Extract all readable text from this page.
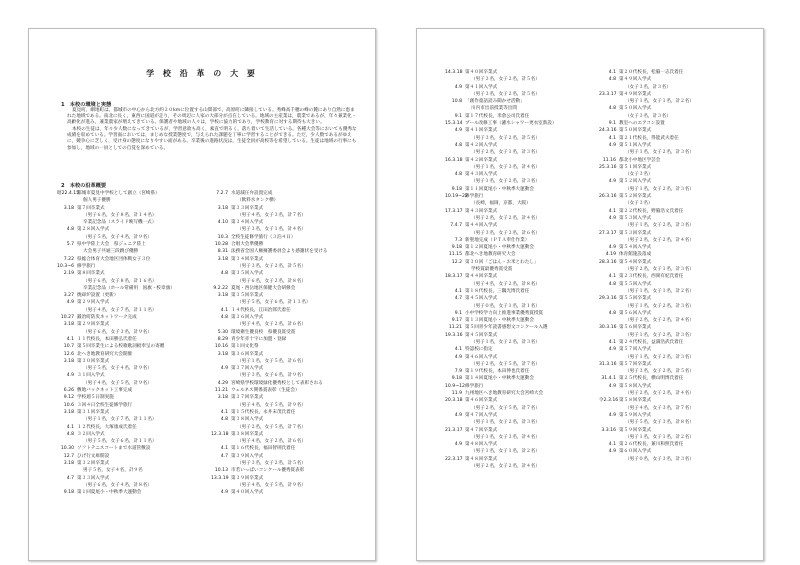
学 校 沿 革 の 大 要
1　本校の環境と実態

夏見町，網地町は，都城市の中心から北方約２０kmに位置する山間部で，高原町に隣接している。秀峰高千穂の峰の麓にあり自然に恵まれた地域である。南北に長く，東西に国道が走り，その周辺に人家の大部分が点在している。地域の主産業は，農業であるが，年々兼業化・高齢化が進み，兼業農家が増えてきている。保護者や地域の人々は，学校に協力的であり，学校教育に対する期待も大きい。

本校の生徒は，年々少人数になってきているが，学習意欲も高く，素直で明るく，落ち着いて生活している。各種大会等においても優秀な成績を収めている。学習面においては，まじめな授業態度で，与えられた課題を丁寧に学習することができる。ただ，少人数であるがゆえに，競争心に乏しく，受け身の態度になりやすい面がある。卒業後の進路状況は，生徒全員が高校等を希望している。生徒は地域の行事にも参加し，地域の一員としての自覚を深めている。

2　本校の沿革概要
昭22.4.15
都城市夏見中学校として創立（宮崎県）
個人男子優勝
3.18 第７回卒業式
（男子６名，女子８名，計１４名）
卒業記念品（スライド映写機一式）
4.8 第２８回入学式
（男子５名，女子４名，計９名）
5.7 県中学陸上大会　県ジュニア陸上
大会男子共通三段跳び優勝
7.22 県総合体育大会地区団体戦女子３位
10.3~6 修学旅行
2.19 第８回卒業式
（男子６名，女子８名，計１６名）
卒業記念品（ホール常備用　国旗・校章旗）
3.27 焼却炉設置（更新）
4.9 第２９回入学式
（男子４名，女子７名，計１１名）
10.27 鍛冶町防災ネットワーク完成
3.18 第２９回卒業式
（男子６名，女子３名，計９名）
4.1 １１代校長，本田勝弘氏着任
10.7 第５回卒業生による校歌歌詞板奉呈の寄贈
12.6 北へき地教育研究大会開催
3.18 第３０回卒業式
（男子５名，女子４名，計９名）
4.9 ３１回入学式
（男子４名，女子５名，計９名）
6.26 敷地バックネット工事完成
9.12 学校週５日制実施
10.6 ３回４日全校生徒修学旅行
3.18 第３１回卒業式
（男子１名，女子７名，計１１名）
4.1 １２代校長，大塚康成氏着任
4.8 ３２回入学式
（男子５名，女子６名，計１１名）
10.30 ソフトテニスコートまで水道管敷設
12.7 ひげ行文庫開設
3.18 第３２回卒業式
男子５名，女子４名，計９名
4.7 第３３回入学式
（男子６名，女子４名，計８名）
9.18 第１回夏尾小・中秋季大運動会
7.2.7 水道減圧弁設置完成
（飲料水タンク横）
3.18 第３３回卒業式
（男子４名，女子３名，計７名）
4.10 第３４回入学式
（男子３名，女子１名，計４名）
10.3 全校生徒修学旅行（３泊４日）
10.28 合唱大会準優勝
8.31 法務省全国人権擁護委員会より感謝状を受ける
3.18 第３４回卒業式
（男子３名，女子２名，計５名）
4.8 第３５回入学式
（男子６名，女子２名，計８名）
9.2.22 夏尾・西岳地区保健大会研修会
3.18 第３５回卒業式
（男子５名，女子６名，計１１名）
4.1 １４代校長，江田治郎氏着任
4.8 第３６回入学式
（男子４名，女子２名，計６名）
5.30 環境衛生優良校　県優良賞受賞
8.29 青少年赤十字に加盟・登録
10.16 第１回文化祭
3.18 第３６回卒業式
（男子１名，女子５名，計６名）
4.9 第３７回入学式
（男子３名，女子６名，計９名）
4.29 宮崎県学校環境緑化優秀校として表彰される
11.21 ウェルネス関係賞表彰（生徒会）
3.18 第３７回卒業式
（男子４名，女子５名，計９名）
4.1 第１５代校長，永井末茂氏着任
4.8 第３８回入学式
（男子２名，女子５名，計７名）
12.3.18 第３８回卒業式
（男子４名，女子２名，計６名）
4.1 第１６代校長，福田智則氏着任
4.7 第３９回入学式
（男子３名，女子２名，計５名）
10.13 市若いっぱいコンクール優秀賞表彰
13.3.19 第３９回卒業式
（男子４名，女子５名，計９名）
4.9 第４０回入学式
14.3.18 第４０回卒業式
（男子３名，女子２名，計５名）
4.9 第４１回入学式
（男子３名，女子２名，計５名）
10.8 「創作童話読み聞かせ活動」
川内市出前授業等出問
9.1 第１７代校長，米倉公司氏着任
15.3.14 プール改修工事（濾水シャワー更衣室新設）
4.9 第４１回卒業式
（男子３名，女子２名，計５名）
4.8 第４２回入学式
（男子２名，女子１名，計３名）
16.3.18 第４２回卒業式
（男子１名，女子３名，計４名）
4.8 第４３回入学式
（男子１名，女子２名，計３名）
9.18 第１１回夏尾小・中秋季大運動会
10.19~22
修学旅行
（長崎，福岡，京都，大阪）
17.3.17 第４３回卒業式
（男子２名，女子２名，計４名）
7.4.7 第４４回入学式
（男子３名，女子３名，計６名）
7.3 新聖地完成（ＰＴＡ奉仕作業）
9.18 第１２回夏尾小・中秋季大運動会
11.15 都北へき地教育研究大会
12.2 第３０回「ごはん・お米とわたし」
学校賞最優秀賞受賞
18.3.17 第４４回卒業式
（男子４名，女子２名，計８名）
4.1 第１８代校長，三隅光博氏着任
4.7 第４５回入学式
（男子０名，女子１名，計１名）
9.1 小中学校学力向上推進事業優秀賞授賞
9.17 第１３回夏尾小・中秋季大運動会
11.21 第５回青少年読書感想文コンクール入選
19.3.16 第４５回卒業式
（男子１名，女子２名，計３名）
4.1 特認校に指定
4.9 第４６回入学式
（男子２名，女子５名，計７名）
7.9 第１９代校長，本田伸也氏着任
9.18 第１４回夏尾小・中秋季大運動会
10.9~12 修学旅行
11.9 九州地区へき地教育研究大会宮崎大会
20.3.18 第４６回卒業式
（男子２名，女子５名，計７名）
4.9 第４７回入学式
（男子１名，女子２名，計３名）
21.3.17 第４７回卒業式
（男子１名，女子３名，計４名）
4.9 第４８回入学式
（男子１名，女子１名，計２名）
22.3.17 第４８回卒業式
（男子２名，女子２名，計４名）
4.1 第２０代校長，松脇一志氏着任
4.8 第４９回入学式
（女子３名，計３名）
23.3.17 第４９回卒業式
（男子１名，女子１名，計２名）
4.8 第５０回入学式
（女子３名，計３名）
9.1 教室へのエアコン設置
24.3.16 第５０回卒業式
4.1 第２１代校長，得能武夫着任
4.9 第５１回入学式
（男子１名，女子２名，計３名）
11.16 都北小中地区学芸会
25.3.16 第５１回卒業式
（女子３名）
4.9 第５２回入学式
（男子１名，女子２名，計３名）
26.3.16 第５２回卒業式
（女子３名）
4.1 第２２代校長，野脇浩文氏着任
4.9 第５３回入学式
（男子１名，女子２名，計３名）
27.3.17 第５３回卒業式
（男子２名，女子２名，計４名）
4.9 第５４回入学式
4.19 体育館施設落成
28.3.16 第５４回卒業式
（男子２名，女子１名，計３名）
4.1 第２３代校長，西岡有紀氏着任
4.8 第５５回入学式
（男子１名，女子１名，計２名）
29.3.16 第５５回卒業式
（男子１名，女子２名，計３名）
4.8 第５６回入学式
（男子２名，女子２名，計４名）
30.3.16 第５６回卒業式
（男子１名，女子２名，計３名）
4.1 第２４代校長，益満浩武氏着任
4.9 第５７回入学式
（男子１名，女子２名，計３名）
31.3.16 第５７回卒業式
（男子３名，女子２名，計５名）
31.4.1 第２５代校長，横山明博氏着任
4.9 第５８回入学式
（男子２名，女子２名，計４名）
令2.3.16 第５８回卒業式
（男子４名，女子３名，計７名）
4.9 第５９回入学式
（男子５名，女子３名，計８名）
3.3.16 第５９回卒業式
（男子１名，女子１名，計２名）
4.1 第２６代校長，兼川和照氏着任
4.9 第６０回入学式
（男子０名，女子３名，計３名）
